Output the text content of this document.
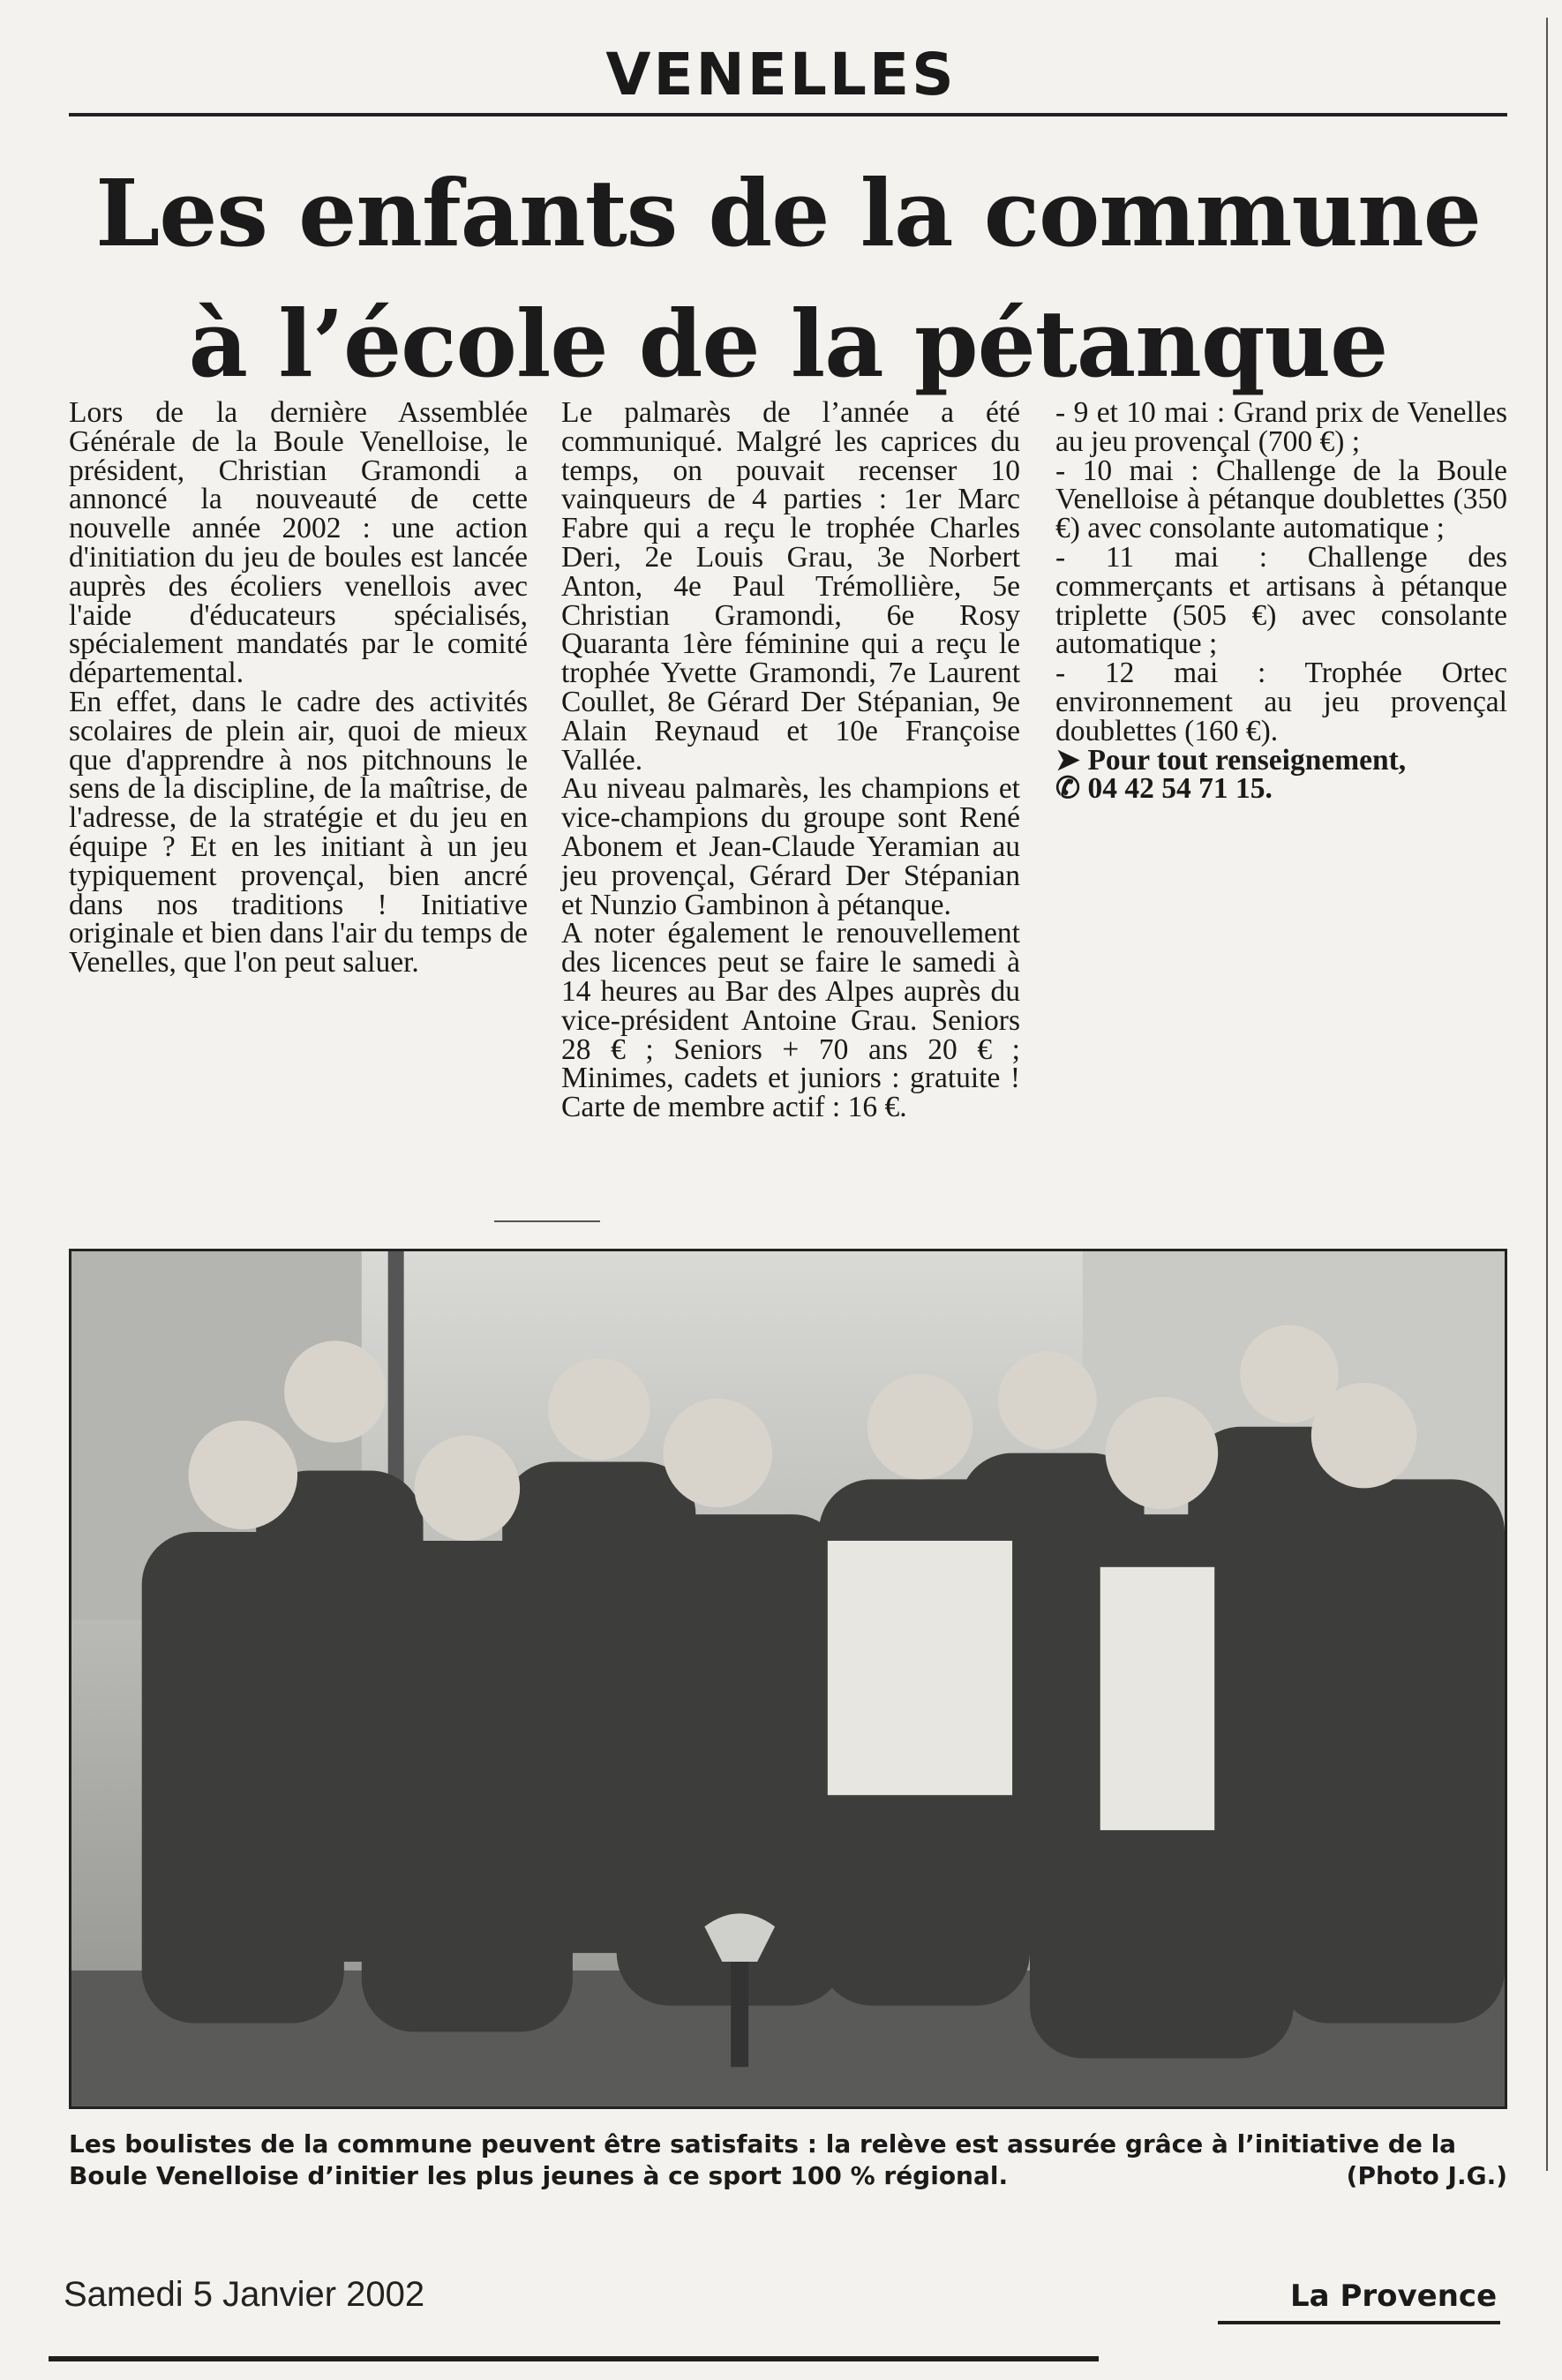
VENELLES
Les enfants de la commune
à l’école de la pétanque

Lors de la dernière Assemblée Générale de la Boule Venelloise, le président, Christian Gramondi a annoncé la nouveauté de cette nouvelle année 2002 : une action d'initiation du jeu de boules est lancée auprès des écoliers venellois avec l'aide d'éducateurs spécialisés, spécialement mandatés par le comité départemental.

En effet, dans le cadre des activités scolaires de plein air, quoi de mieux que d'apprendre à nos pitchnouns le sens de la discipline, de la maîtrise, de l'adresse, de la stratégie et du jeu en équipe ? Et en les initiant à un jeu typiquement provençal, bien ancré dans nos traditions ! Initiative originale et bien dans l'air du temps de Venelles, que l'on peut saluer.

Le palmarès de l’année a été communiqué. Malgré les caprices du temps, on pouvait recenser 10 vainqueurs de 4 parties : 1er Marc Fabre qui a reçu le trophée Charles Deri, 2e Louis Grau, 3e Norbert Anton, 4e Paul Trémollière, 5e Christian Gramondi, 6e Rosy Quaranta 1ère féminine qui a reçu le trophée Yvette Gramondi, 7e Laurent Coullet, 8e Gérard Der Stépanian, 9e Alain Reynaud et 10e Françoise Vallée.

Au niveau palmarès, les champions et vice-champions du groupe sont René Abonem et Jean-Claude Yeramian au jeu provençal, Gérard Der Stépanian et Nunzio Gambinon à pétanque.

A noter également le renouvellement des licences peut se faire le samedi à 14 heures au Bar des Alpes auprès du vice-président Antoine Grau. Seniors 28 € ; Seniors + 70 ans 20 € ; Minimes, cadets et juniors : gratuite ! Carte de membre actif : 16 €.

- 9 et 10 mai : Grand prix de Venelles au jeu provençal (700 €) ;

- 10 mai : Challenge de la Boule Venelloise à pétanque doublettes (350 €) avec consolante automatique ;

- 11 mai : Challenge des commerçants et artisans à pétanque triplette (505 €) avec consolante automatique ;

- 12 mai : Trophée Ortec environnement au jeu provençal doublettes (160 €).

➤ Pour tout renseignement,

✆ 04 42 54 71 15.

Les boulistes de la commune peuvent être satisfaits : la relève est assurée grâce à l’initiative de la Boule Venelloise d’initier les plus jeunes à ce sport 100 % régional.	(Photo J.G.)
Samedi 5 Janvier 2002	La Provence
